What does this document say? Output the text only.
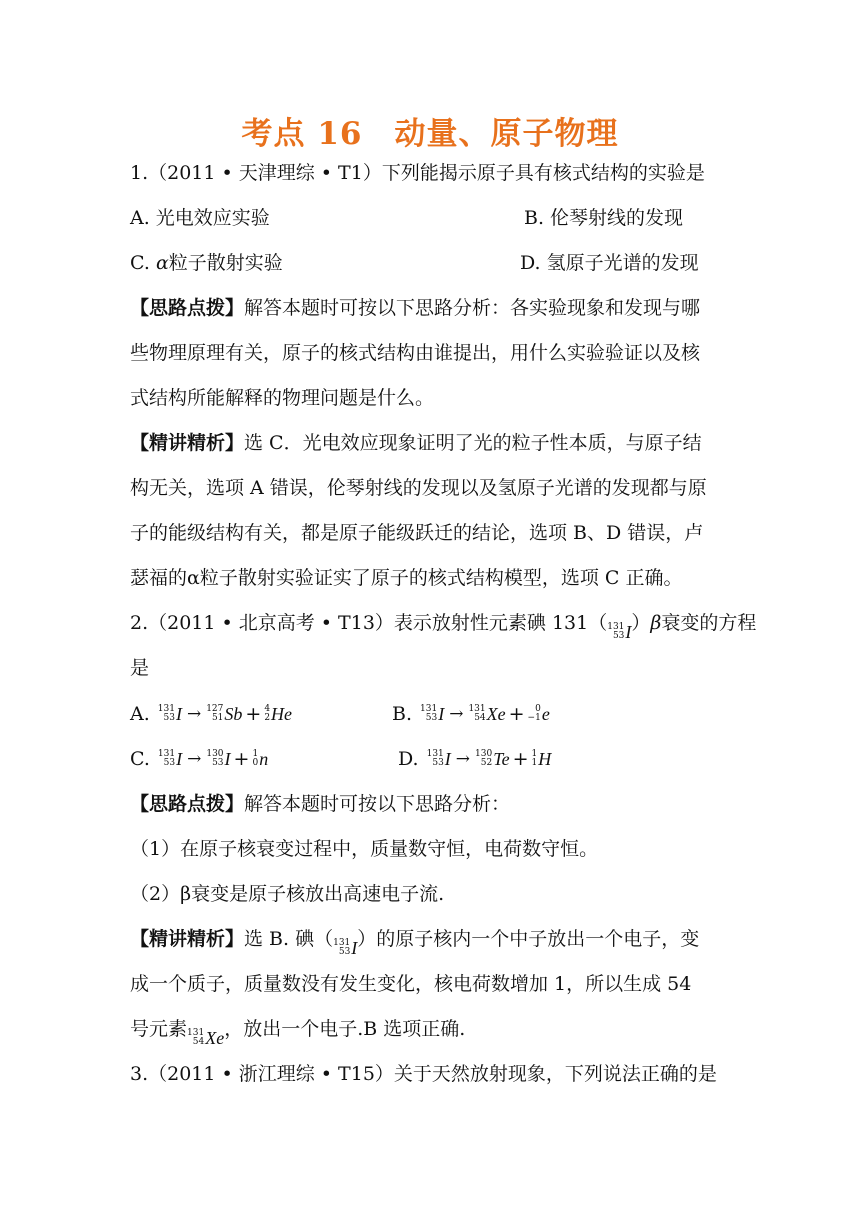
考点 16　动量、原子物理
1.（2011 • 天津理综 • T1）下列能揭示原子具有核式结构的实验是
A. 光电效应实验	B. 伦琴射线的发现
C. α粒子散射实验	D. 氢原子光谱的发现
【思路点拨】解答本题时可按以下思路分析：各实验现象和发现与哪
些物理原理有关，原子的核式结构由谁提出，用什么实验验证以及核
式结构所能解释的物理问题是什么。
【精讲精析】选 C．光电效应现象证明了光的粒子性本质，与原子结
构无关，选项 A 错误，伦琴射线的发现以及氢原子光谱的发现都与原
子的能级结构有关，都是原子能级跃迁的结论，选项 B、D 错误，卢
瑟福的α粒子散射实验证实了原子的核式结构模型，选项 C 正确。
2.（2011 • 北京高考 • T13）表示放射性元素碘 131（ 131
53 I ）β衰变的方程
是
A. 131
53 I → 127
51 Sb + 4
2 He	B. 131
53 I → 131
54 Xe +	0
−1 e
C. 131
53 I → 130
53 I + 1
0 n	D. 131
53 I → 130
52 Te + 1
1 H
【思路点拨】解答本题时可按以下思路分析：
（1）在原子核衰变过程中，质量数守恒，电荷数守恒。
（2）β衰变是原子核放出高速电子流.
【精讲精析】选 B. 碘（ 131
53 I ）的原子核内一个中子放出一个电子，变
成一个质子，质量数没有发生变化，核电荷数增加 1，所以生成 54
号元素 131
54 Xe ，放出一个电子.B 选项正确.
3.（2011 • 浙江理综 • T15）关于天然放射现象，下列说法正确的是
